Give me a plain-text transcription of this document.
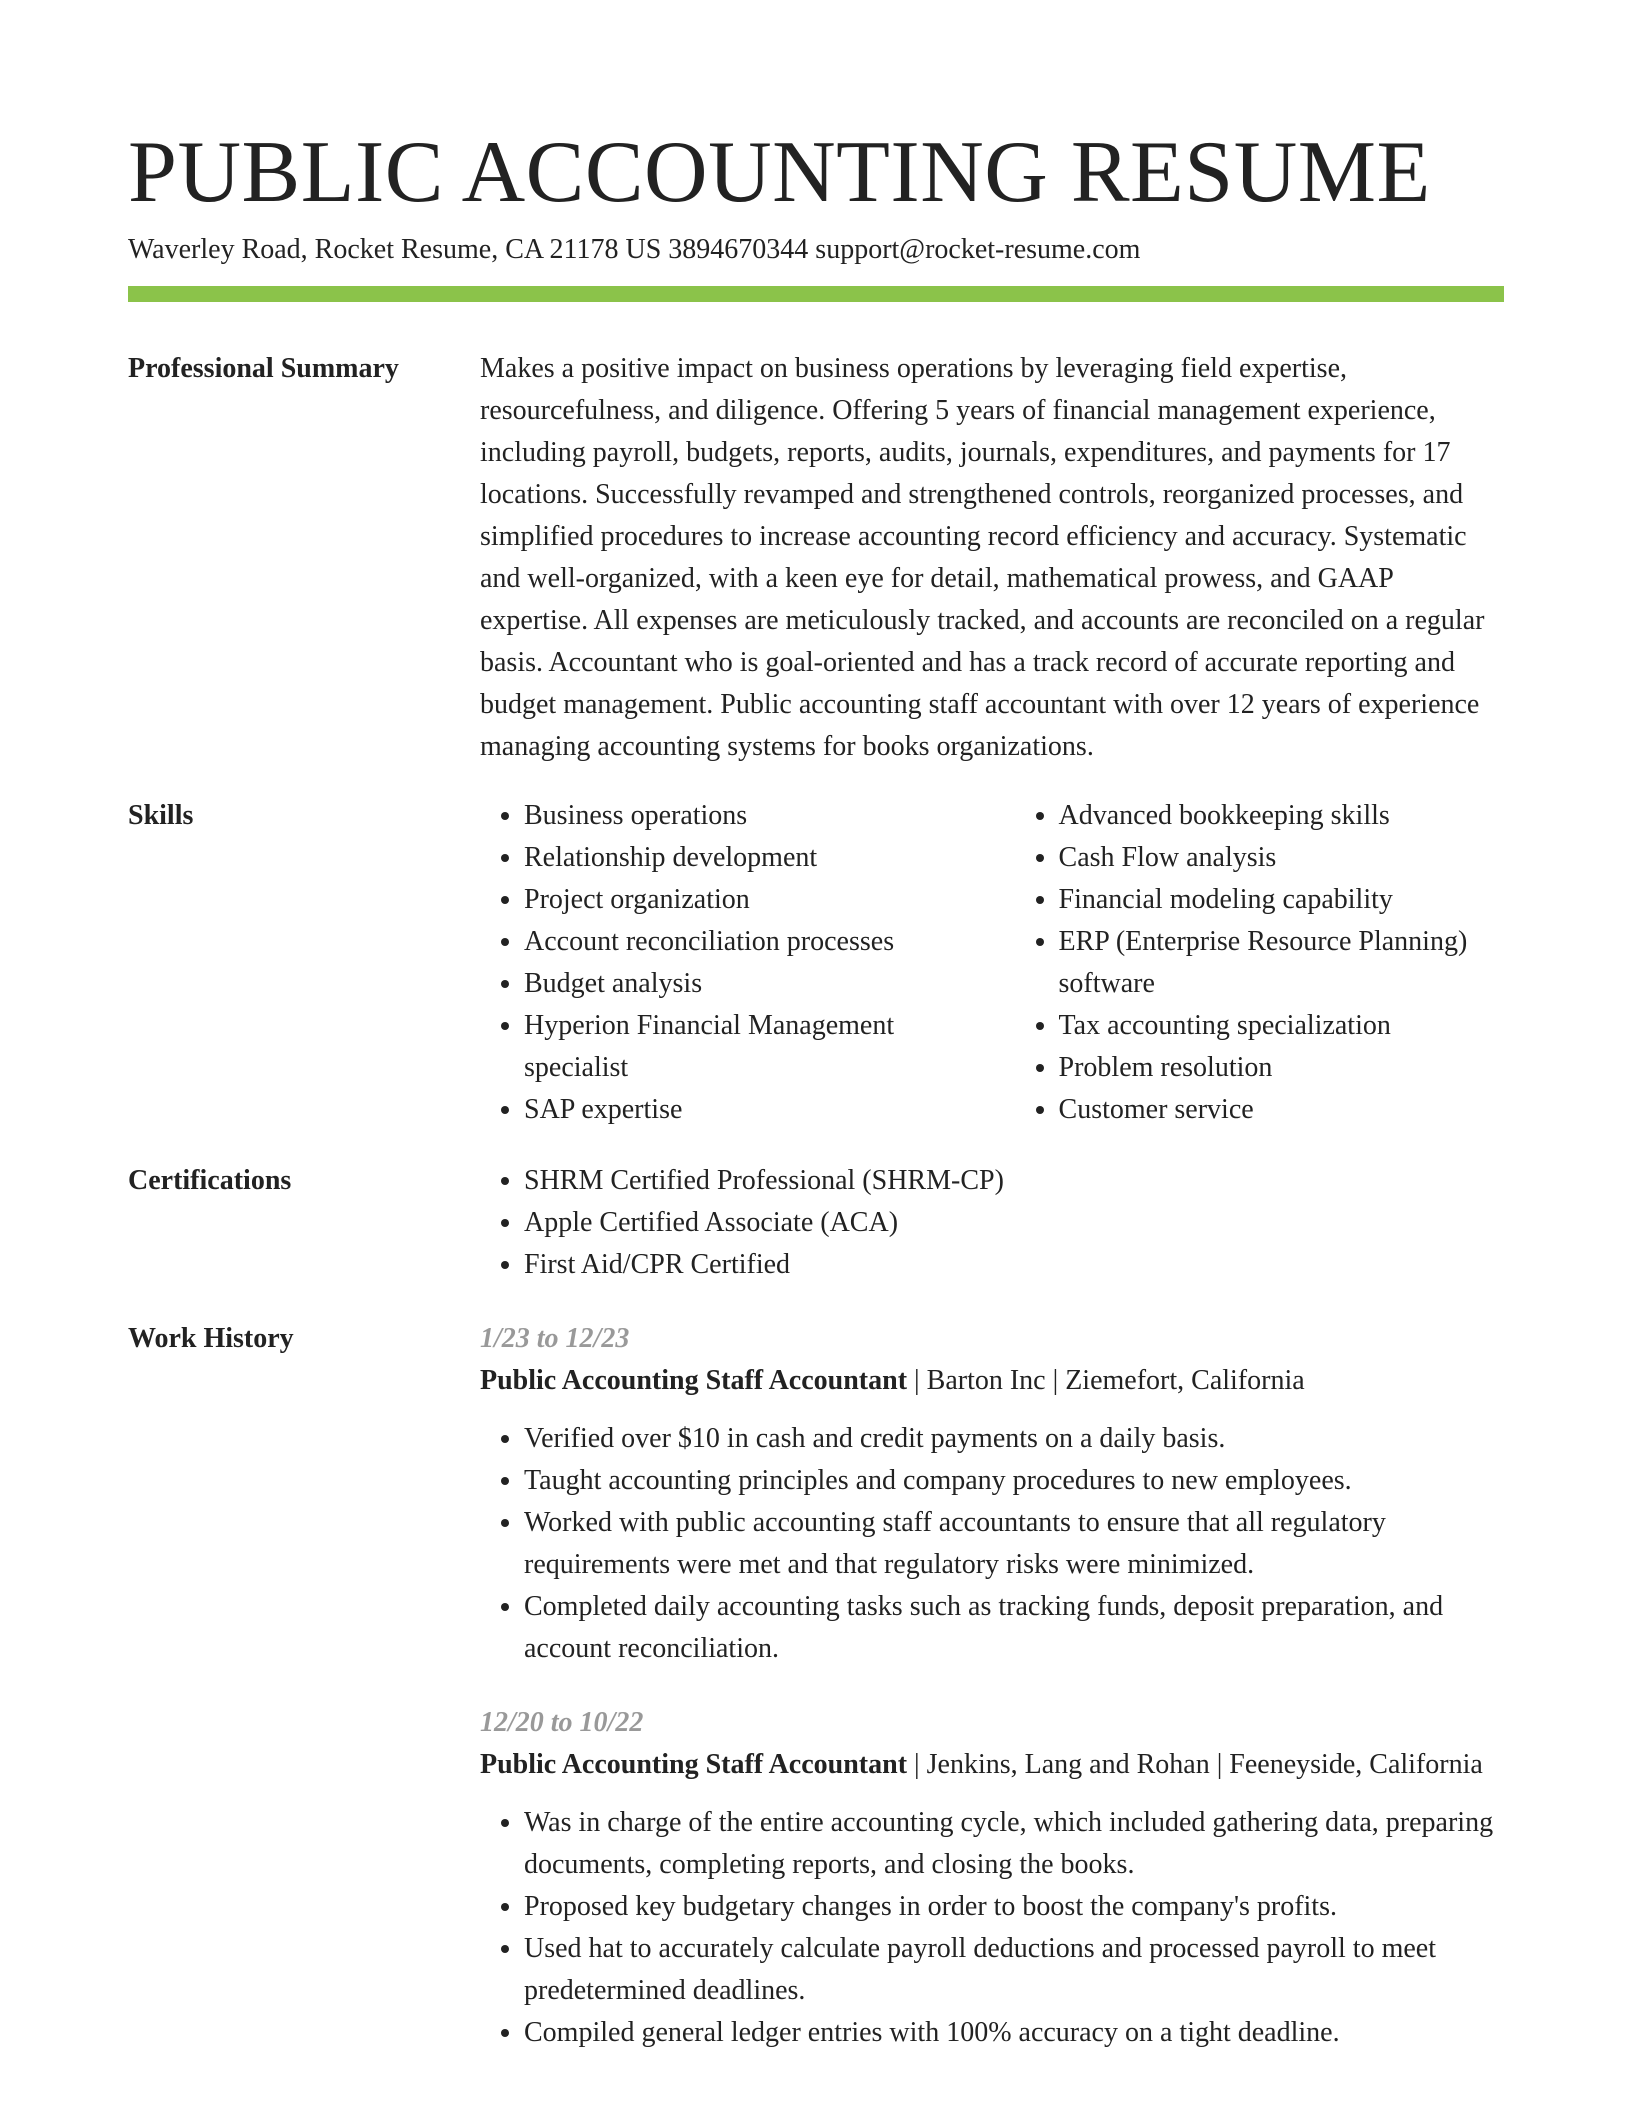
PUBLIC ACCOUNTING RESUME
Waverley Road, Rocket Resume, CA 21178 US 3894670344 support@rocket-resume.com
Professional Summary	Makes a positive impact on business operations by leveraging field expertise, resourcefulness, and diligence. Offering 5 years of financial management experience, including payroll, budgets, reports, audits, journals, expenditures, and payments for 17 locations. Successfully revamped and strengthened controls, reorganized processes, and simplified procedures to increase accounting record efficiency and accuracy. Systematic and well-organized, with a keen eye for detail, mathematical prowess, and GAAP expertise. All expenses are meticulously tracked, and accounts are reconciled on a regular basis. Accountant who is goal-oriented and has a track record of accurate reporting and budget management. Public accounting staff accountant with over 12 years of experience managing accounting systems for books organizations.

Skills	• Business operations
• Relationship development
• Project organization
• Account reconciliation processes
• Budget analysis
• Hyperion Financial Management specialist
• SAP expertise
• Advanced bookkeeping skills
• Cash Flow analysis
• Financial modeling capability
• ERP (Enterprise Resource Planning) software
• Tax accounting specialization
• Problem resolution
• Customer service
Certifications	• SHRM Certified Professional (SHRM-CP)
• Apple Certified Associate (ACA)
• First Aid/CPR Certified
Work History	1/23 to 12/23

Public Accounting Staff Accountant | Barton Inc | Ziemefort, California

• Verified over $10 in cash and credit payments on a daily basis.
• Taught accounting principles and company procedures to new employees.
• Worked with public accounting staff accountants to ensure that all regulatory requirements were met and that regulatory risks were minimized.
• Completed daily accounting tasks such as tracking funds, deposit preparation, and account reconciliation.

12/20 to 10/22

Public Accounting Staff Accountant | Jenkins, Lang and Rohan | Feeneyside, California

• Was in charge of the entire accounting cycle, which included gathering data, preparing documents, completing reports, and closing the books.
• Proposed key budgetary changes in order to boost the company's profits.
• Used hat to accurately calculate payroll deductions and processed payroll to meet predetermined deadlines.
• Compiled general ledger entries with 100% accuracy on a tight deadline.
